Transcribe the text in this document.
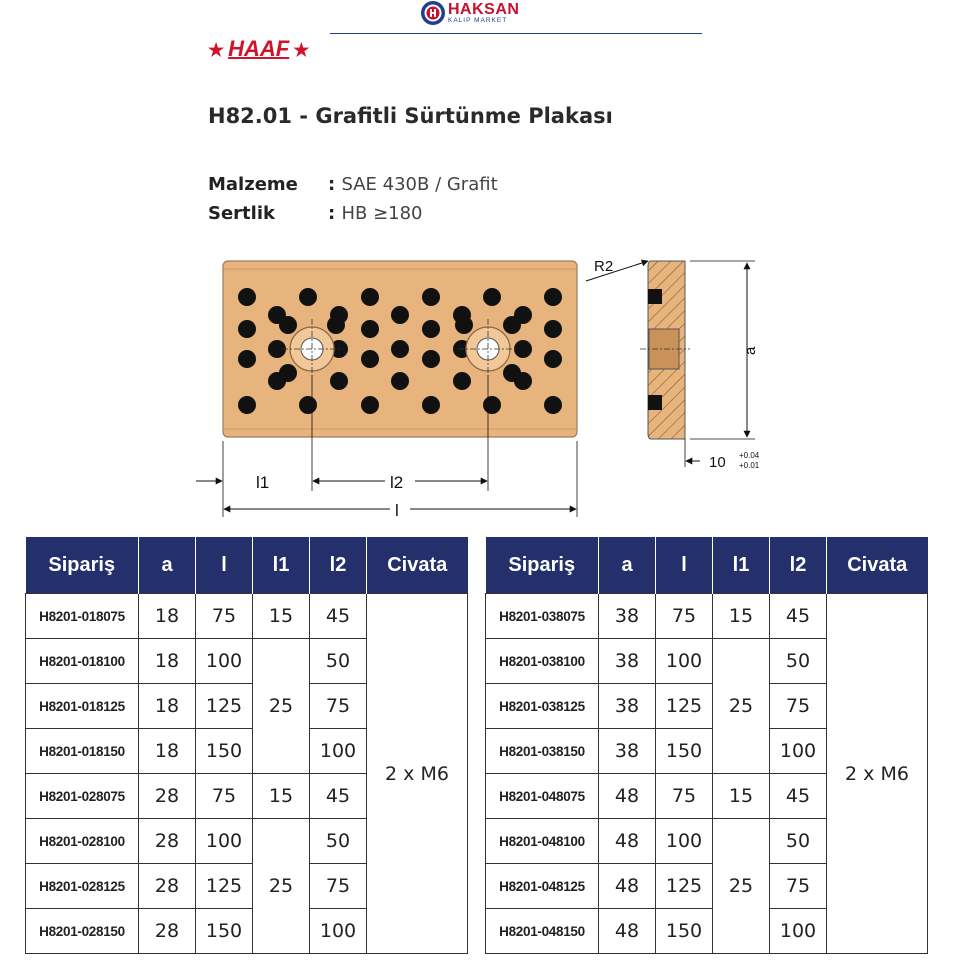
HAKSAN
KALIP MARKET
★ HAAF ★
H82.01 - Grafitli Sürtünme Plakası
Malzeme : SAE 430B / Grafit
Sertlik	: HB ≥180
R2
a
10 +0.04
+0.01
l1	l2
l
Sipariş	a	l	l1	l2	Civata
H8201-018075	18	75	15	45	2 x M6
H8201-018100	18	100	25	50	
H8201-018125	18	125		75	
H8201-018150	18	150		100	
H8201-028075	28	75	15	45	
H8201-028100	28	100	25	50	
H8201-028125	28	125		75	
H8201-028150	28	150		100	
Sipariş	a	l	l1	l2	Civata
H8201-038075	38	75	15	45	2 x M6
H8201-038100	38	100	25	50	
H8201-038125	38	125		75	
H8201-038150	38	150		100	
H8201-048075	48	75	15	45	
H8201-048100	48	100	25	50	
H8201-048125	48	125		75	
H8201-048150	48	150		100	
